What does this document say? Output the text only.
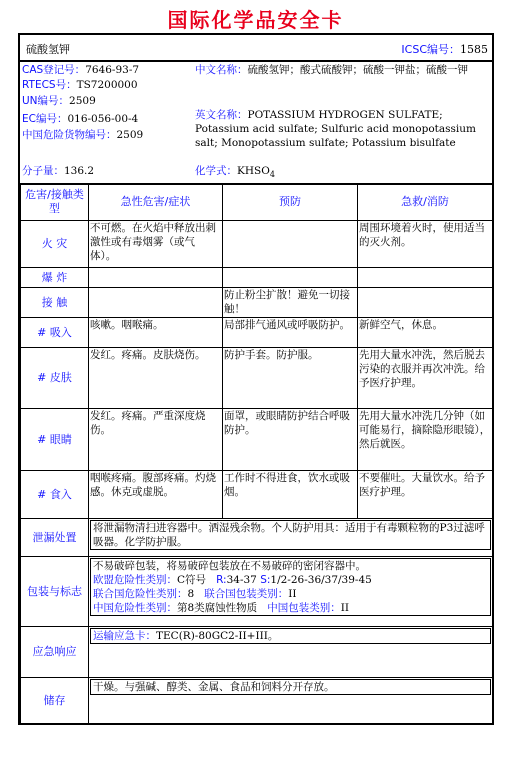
国际化学品安全卡
硫酸氢钾	ICSC编号：1585
CAS登记号：7646-93-7
RTECS号：TS7200000
UN编号：2509
EC编号：016-056-00-4
中国危险货物编号：2509
分子量：136.2
中文名称：硫酸氢钾；酸式硫酸钾；硫酸一钾盐；硫酸一钾
英文名称：POTASSIUM HYDROGEN SULFATE; Potassium acid sulfate; Sulfuric acid monopotassium salt; Monopotassium sulfate; Potassium bisulfate
化学式：$KHSO_4$
危害/接触类型	急性危害/症状	预防	急救/消防
火 灾	不可燃。在火焰中释放出刺激性或有毒烟雾（或气体）。		周围环境着火时，使用适当的灭火剂。
爆 炸			
接 触		防止粉尘扩散！避免一切接触！	
# 吸入	咳嗽。咽喉痛。	局部排气通风或呼吸防护。	新鲜空气，休息。
# 皮肤	发红。疼痛。皮肤烧伤。	防护手套。防护服。	先用大量水冲洗，然后脱去污染的衣服并再次冲洗。给予医疗护理。
# 眼睛	发红。疼痛。严重深度烧伤。	面罩，或眼睛防护结合呼吸防护。	先用大量水冲洗几分钟（如可能易行，摘除隐形眼镜），然后就医。
# 食入	咽喉疼痛。腹部疼痛。灼烧感。休克或虚脱。	工作时不得进食，饮水或吸烟。	不要催吐。大量饮水。给予医疗护理。
泄漏处置	将泄漏物清扫进容器中。洒湿残余物。个人防护用具：适用于有毒颗粒物的P3过滤呼吸器。化学防护服。		

包装与标志	不易破碎包装，将易破碎包装放在不易破碎的密闭容器中。
欧盟危险性类别：C符号 R:34-37 S:1/2-26-36/37/39-45
联合国危险性类别：8 联合国包装类别：II
中国危险性类别：第8类腐蚀性物质 中国包装类别：II		

应急响应	运输应急卡：TEC(R)-80GC2-II+III。		

储存	干燥。与强碱、醇类、金属、食品和饲料分开存放。		
